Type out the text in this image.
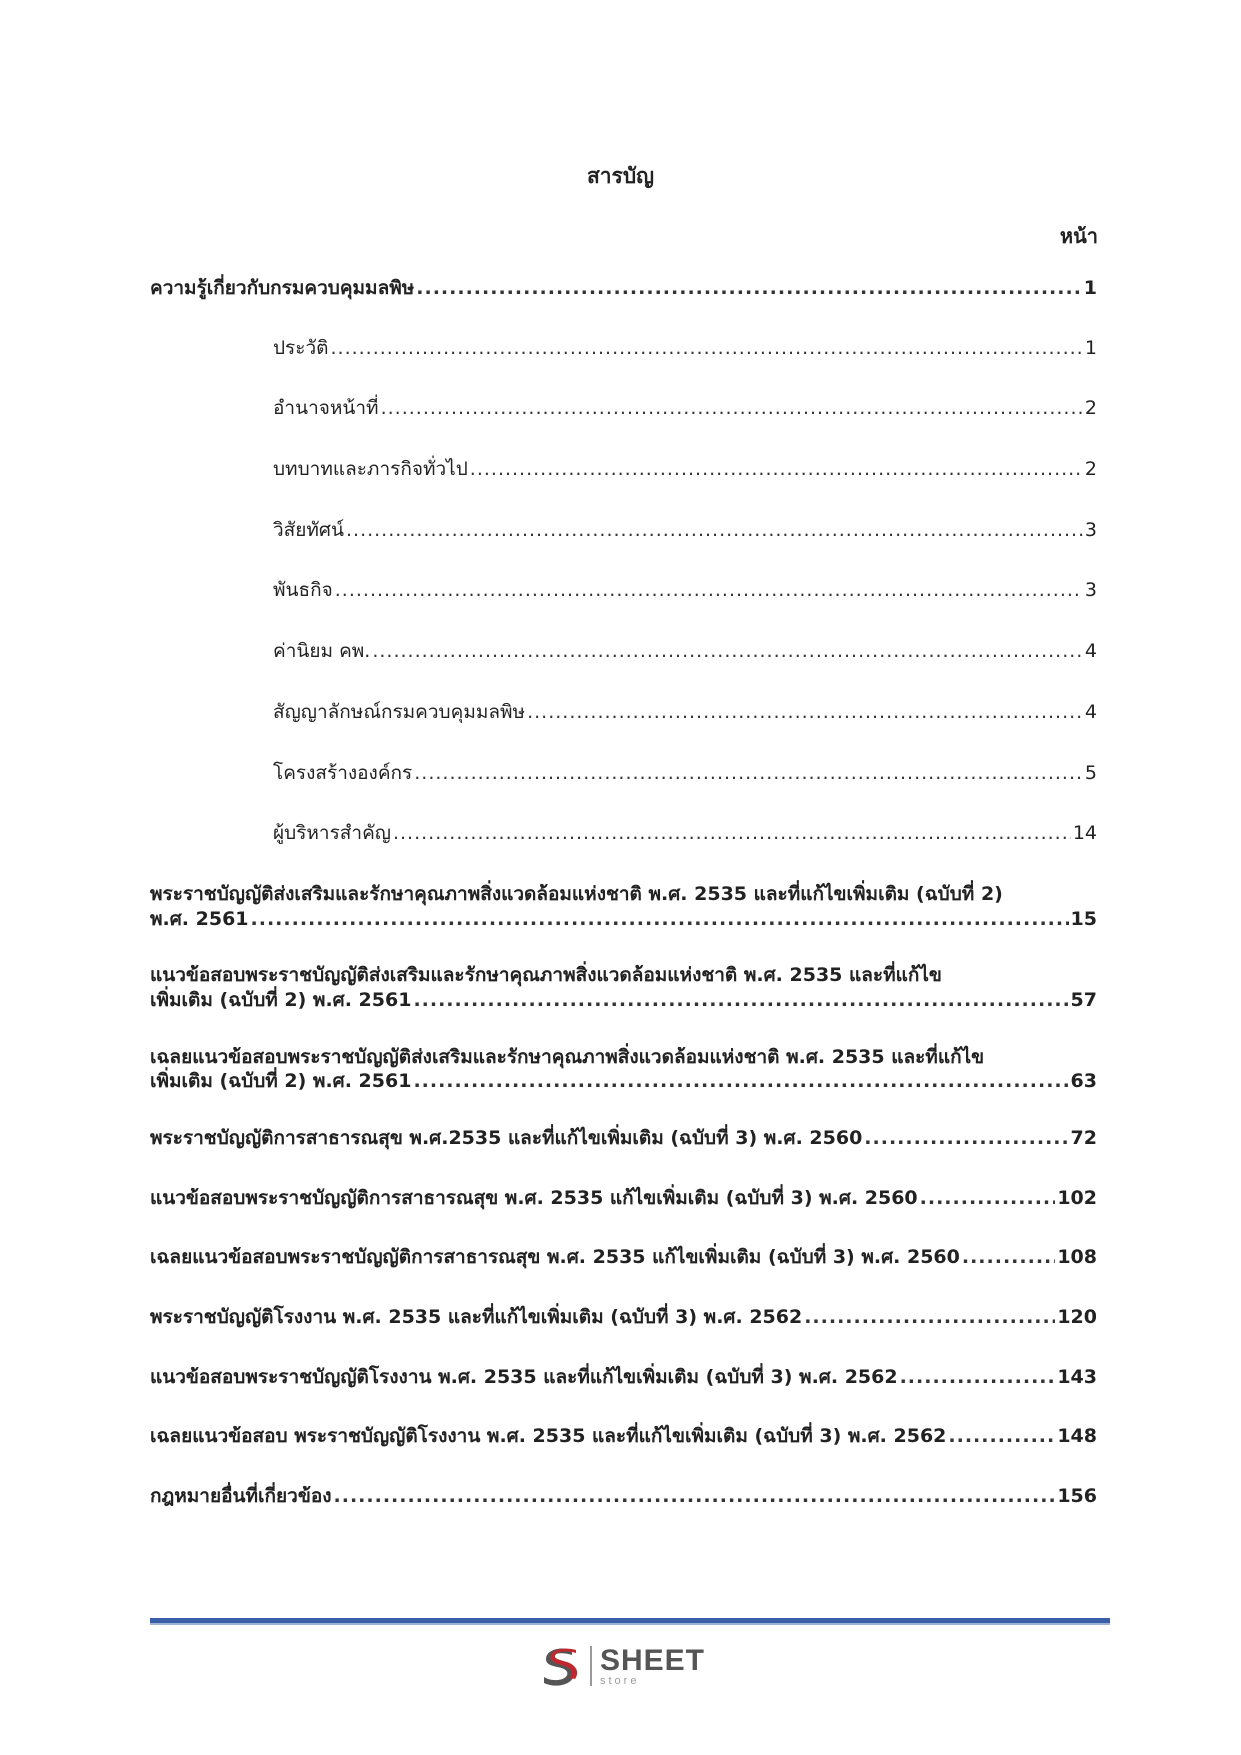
สารบัญ
หน้า
ความรู้เกี่ยวกับกรมควบคุมมลพิษ .....	1
ประวัติ .....	1
อำนาจหน้าที่ .....	2
บทบาทและภารกิจทั่วไป .....	2
วิสัยทัศน์ .....	3
พันธกิจ .....	3
ค่านิยม คพ. .....	4
สัญญาลักษณ์กรมควบคุมมลพิษ .....	4
โครงสร้างองค์กร .....	5
ผู้บริหารสำคัญ .....	14
พระราชบัญญัติส่งเสริมและรักษาคุณภาพสิ่งแวดล้อมแห่งชาติ พ.ศ. 2535 และที่แก้ไขเพิ่มเติม (ฉบับที่ 2)
พ.ศ. 2561 .....	15
แนวข้อสอบพระราชบัญญัติส่งเสริมและรักษาคุณภาพสิ่งแวดล้อมแห่งชาติ พ.ศ. 2535 และที่แก้ไข
เพิ่มเติม (ฉบับที่ 2) พ.ศ. 2561 .....	57
เฉลยแนวข้อสอบพระราชบัญญัติส่งเสริมและรักษาคุณภาพสิ่งแวดล้อมแห่งชาติ พ.ศ. 2535 และที่แก้ไข
เพิ่มเติม (ฉบับที่ 2) พ.ศ. 2561 .....	63
พระราชบัญญัติการสาธารณสุข พ.ศ.2535 และที่แก้ไขเพิ่มเติม (ฉบับที่ 3) พ.ศ. 2560 .....	72
แนวข้อสอบพระราชบัญญัติการสาธารณสุข พ.ศ. 2535 แก้ไขเพิ่มเติม (ฉบับที่ 3) พ.ศ. 2560 .....	102
เฉลยแนวข้อสอบพระราชบัญญัติการสาธารณสุข พ.ศ. 2535 แก้ไขเพิ่มเติม (ฉบับที่ 3) พ.ศ. 2560 .....	108
พระราชบัญญัติโรงงาน พ.ศ. 2535 และที่แก้ไขเพิ่มเติม (ฉบับที่ 3) พ.ศ. 2562 .....	120
แนวข้อสอบพระราชบัญญัติโรงงาน พ.ศ. 2535 และที่แก้ไขเพิ่มเติม (ฉบับที่ 3) พ.ศ. 2562 .....	143
เฉลยแนวข้อสอบ พระราชบัญญัติโรงงาน พ.ศ. 2535 และที่แก้ไขเพิ่มเติม (ฉบับที่ 3) พ.ศ. 2562 .....	148
กฎหมายอื่นที่เกี่ยวข้อง .....	156
SHEET
store
